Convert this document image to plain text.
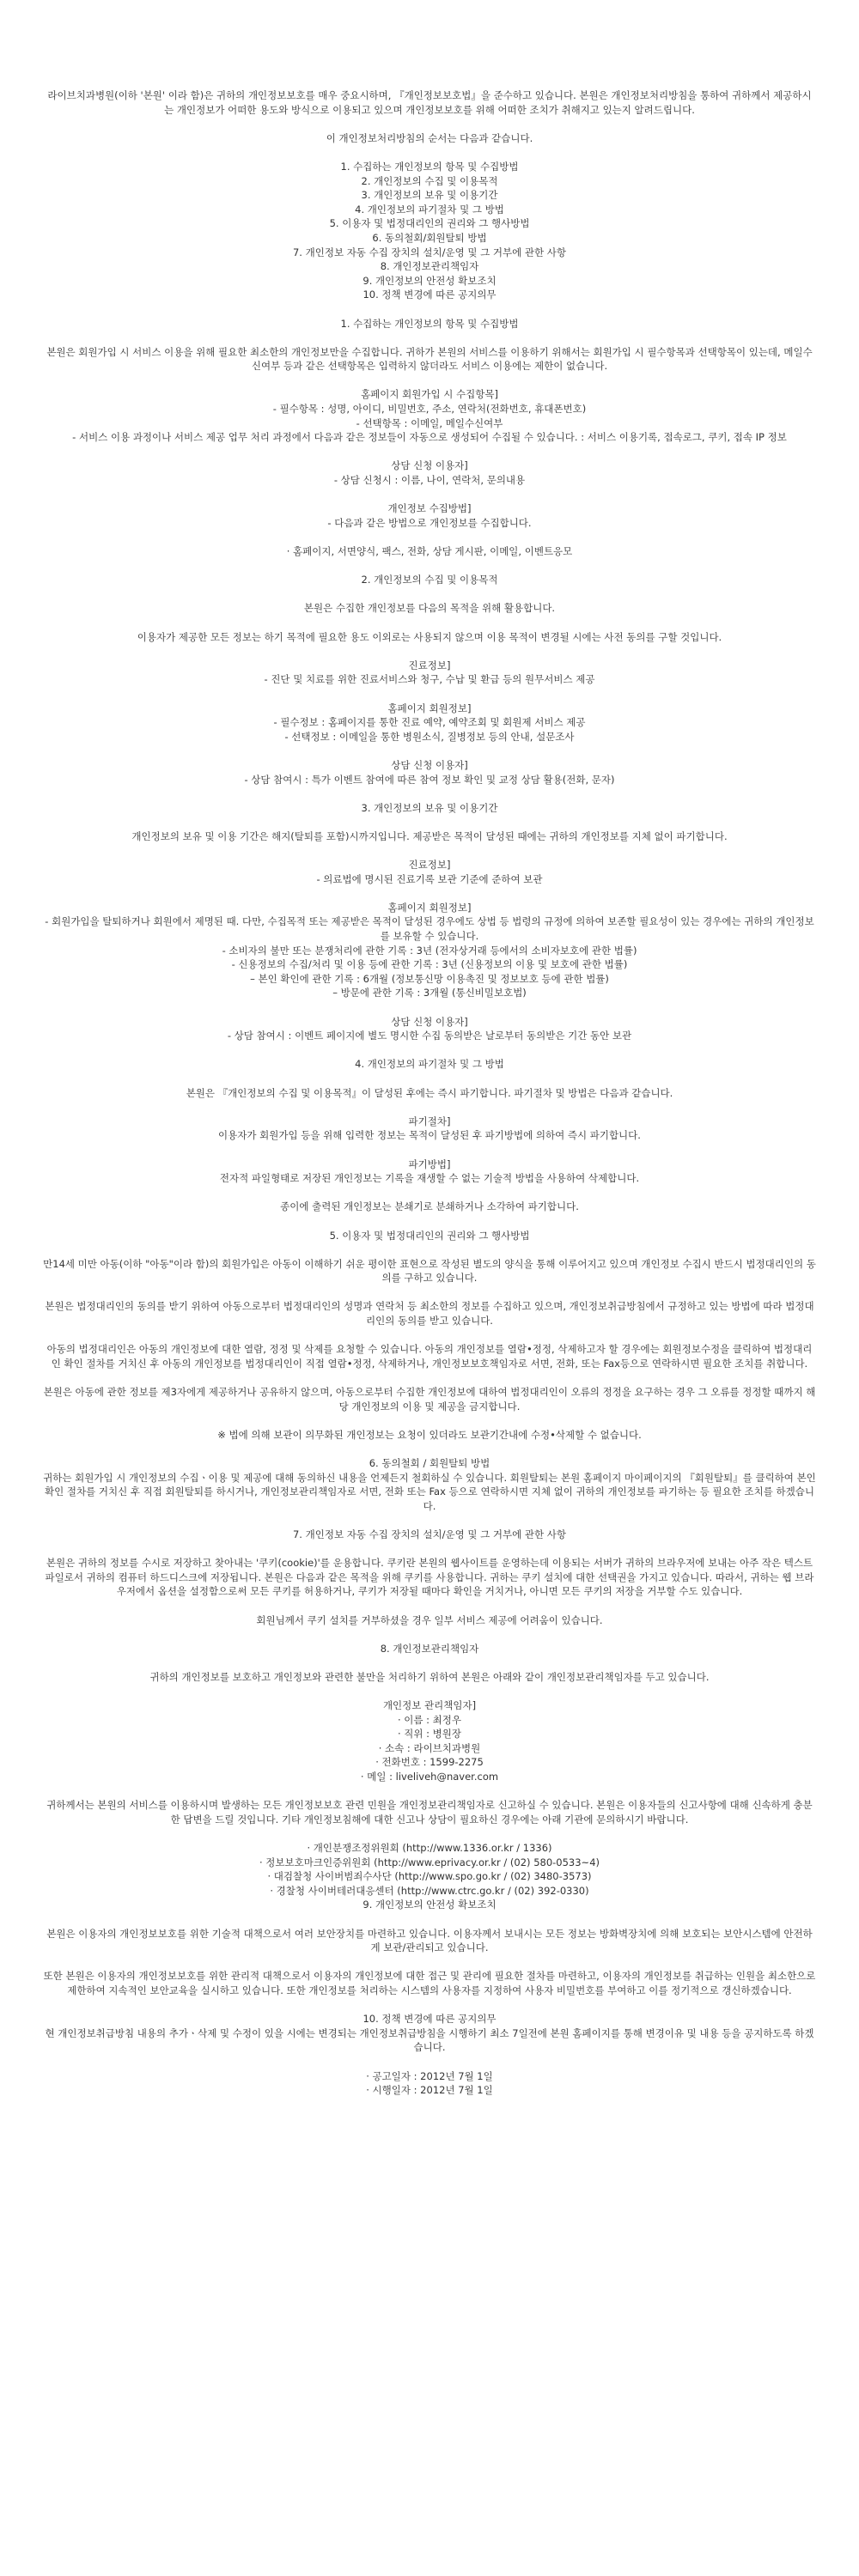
라이브치과병원(이하 '본원' 이라 함)은 귀하의 개인정보보호를 매우 중요시하며, 『개인정보보호법』을 준수하고 있습니다. 본원은 개인정보처리방침을 통하여 귀하께서 제공하시는 개인정보가 어떠한 용도와 방식으로 이용되고 있으며 개인정보보호를 위해 어떠한 조치가 취해지고 있는지 알려드립니다.

이 개인정보처리방침의 순서는 다음과 같습니다.

1. 수집하는 개인정보의 항목 및 수집방법
2. 개인정보의 수집 및 이용목적
3. 개인정보의 보유 및 이용기간
4. 개인정보의 파기절차 및 그 방법
5. 이용자 및 법정대리인의 권리와 그 행사방법
6. 동의철회/회원탈퇴 방법
7. 개인정보 자동 수집 장치의 설치/운영 및 그 거부에 관한 사항
8. 개인정보관리책임자
9. 개인정보의 안전성 확보조치
10. 정책 변경에 따른 공지의무

1. 수집하는 개인정보의 항목 및 수집방법

본원은 회원가입 시 서비스 이용을 위해 필요한 최소한의 개인정보만을 수집합니다. 귀하가 본원의 서비스를 이용하기 위해서는 회원가입 시 필수항목과 선택항목이 있는데, 메일수신여부 등과 같은 선택항목은 입력하지 않더라도 서비스 이용에는 제한이 없습니다.

홈페이지 회원가입 시 수집항목]
- 필수항목 : 성명, 아이디, 비밀번호, 주소, 연락처(전화번호, 휴대폰번호)
- 선택항목 : 이메일, 메일수신여부
- 서비스 이용 과정이나 서비스 제공 업무 처리 과정에서 다음과 같은 정보들이 자동으로 생성되어 수집될 수 있습니다. : 서비스 이용기록, 접속로그, 쿠키, 접속 IP 정보

상담 신청 이용자]
- 상담 신청시 : 이름, 나이, 연락처, 문의내용

개인정보 수집방법]
- 다음과 같은 방법으로 개인정보를 수집합니다.

· 홈페이지, 서면양식, 팩스, 전화, 상담 게시판, 이메일, 이벤트응모

2. 개인정보의 수집 및 이용목적

본원은 수집한 개인정보를 다음의 목적을 위해 활용합니다.

이용자가 제공한 모든 정보는 하기 목적에 필요한 용도 이외로는 사용되지 않으며 이용 목적이 변경될 시에는 사전 동의를 구할 것입니다.

진료정보]
- 진단 및 치료를 위한 진료서비스와 청구, 수납 및 환급 등의 원무서비스 제공

홈페이지 회원정보]
- 필수정보 : 홈페이지를 통한 진료 예약, 예약조회 및 회원제 서비스 제공
- 선택정보 : 이메일을 통한 병원소식, 질병정보 등의 안내, 설문조사

상담 신청 이용자]
- 상담 참여시 : 특가 이벤트 참여에 따른 참여 정보 확인 및 교정 상담 활용(전화, 문자)

3. 개인정보의 보유 및 이용기간

개인정보의 보유 및 이용 기간은 해지(탈퇴를 포함)시까지입니다. 제공받은 목적이 달성된 때에는 귀하의 개인정보를 지체 없이 파기합니다.

진료정보]
- 의료법에 명시된 진료기록 보관 기준에 준하여 보관

홈페이지 회원정보]
- 회원가입을 탈퇴하거나 회원에서 제명된 때. 다만, 수집목적 또는 제공받은 목적이 달성된 경우에도 상법 등 법령의 규정에 의하여 보존할 필요성이 있는 경우에는 귀하의 개인정보를 보유할 수 있습니다.
- 소비자의 불만 또는 분쟁처리에 관한 기록 : 3년 (전자상거래 등에서의 소비자보호에 관한 법률)
- 신용정보의 수집/처리 및 이용 등에 관한 기록 : 3년 (신용정보의 이용 및 보호에 관한 법률)
– 본인 확인에 관한 기록 : 6개월 (정보통신망 이용촉진 및 정보보호 등에 관한 법률)
– 방문에 관한 기록 : 3개월 (통신비밀보호법)

상담 신청 이용자]
- 상담 참여시 : 이벤트 페이지에 별도 명시한 수집 동의받은 날로부터 동의받은 기간 동안 보관

4. 개인정보의 파기절차 및 그 방법

본원은 『개인정보의 수집 및 이용목적』이 달성된 후에는 즉시 파기합니다. 파기절차 및 방법은 다음과 같습니다.

파기절차]
이용자가 회원가입 등을 위해 입력한 정보는 목적이 달성된 후 파기방법에 의하여 즉시 파기합니다.

파기방법]
전자적 파일형태로 저장된 개인정보는 기록을 재생할 수 없는 기술적 방법을 사용하여 삭제합니다.

종이에 출력된 개인정보는 분쇄기로 분쇄하거나 소각하여 파기합니다.

5. 이용자 및 법정대리인의 권리와 그 행사방법

만14세 미만 아동(이하 "아동"이라 함)의 회원가입은 아동이 이해하기 쉬운 평이한 표현으로 작성된 별도의 양식을 통해 이루어지고 있으며 개인정보 수집시 반드시 법정대리인의 동의를 구하고 있습니다.

본원은 법정대리인의 동의를 받기 위하여 아동으로부터 법정대리인의 성명과 연락처 등 최소한의 정보를 수집하고 있으며, 개인정보취급방침에서 규정하고 있는 방법에 따라 법정대리인의 동의를 받고 있습니다.

아동의 법정대리인은 아동의 개인정보에 대한 열람, 정정 및 삭제를 요청할 수 있습니다. 아동의 개인정보를 열람•정정, 삭제하고자 할 경우에는 회원정보수정을 클릭하여 법정대리인 확인 절차를 거치신 후 아동의 개인정보를 법정대리인이 직접 열람•정정, 삭제하거나, 개인정보보호책임자로 서면, 전화, 또는 Fax등으로 연락하시면 필요한 조치를 취합니다.

본원은 아동에 관한 정보를 제3자에게 제공하거나 공유하지 않으며, 아동으로부터 수집한 개인정보에 대하여 법정대리인이 오류의 정정을 요구하는 경우 그 오류를 정정할 때까지 해당 개인정보의 이용 및 제공을 금지합니다.

※ 법에 의해 보관이 의무화된 개인정보는 요청이 있더라도 보관기간내에 수정•삭제할 수 없습니다.

6. 동의철회 / 회원탈퇴 방법
귀하는 회원가입 시 개인정보의 수집ㆍ이용 및 제공에 대해 동의하신 내용을 언제든지 철회하실 수 있습니다. 회원탈퇴는 본원 홈페이지 마이페이지의 『회원탈퇴』를 클릭하여 본인 확인 절차를 거치신 후 직접 회원탈퇴를 하시거나, 개인정보관리책임자로 서면, 전화 또는 Fax 등으로 연락하시면 지체 없이 귀하의 개인정보를 파기하는 등 필요한 조치를 하겠습니다.

7. 개인정보 자동 수집 장치의 설치/운영 및 그 거부에 관한 사항

본원은 귀하의 정보를 수시로 저장하고 찾아내는 '쿠키(cookie)'를 운용합니다. 쿠키란 본원의 웹사이트를 운영하는데 이용되는 서버가 귀하의 브라우저에 보내는 아주 작은 텍스트 파일로서 귀하의 컴퓨터 하드디스크에 저장됩니다. 본원은 다음과 같은 목적을 위해 쿠키를 사용합니다. 귀하는 쿠키 설치에 대한 선택권을 가지고 있습니다. 따라서, 귀하는 웹 브라우저에서 옵션을 설정함으로써 모든 쿠키를 허용하거나, 쿠키가 저장될 때마다 확인을 거치거나, 아니면 모든 쿠키의 저장을 거부할 수도 있습니다.

회원님께서 쿠키 설치를 거부하셨을 경우 일부 서비스 제공에 어려움이 있습니다.

8. 개인정보관리책임자

귀하의 개인정보를 보호하고 개인정보와 관련한 불만을 처리하기 위하여 본원은 아래와 같이 개인정보관리책임자를 두고 있습니다.

개인정보 관리책임자]
· 이름 : 최정우
· 직위 : 병원장
· 소속 : 라이브치과병원
· 전화번호 : 1599-2275
· 메일 : liveliveh@naver.com

귀하께서는 본원의 서비스를 이용하시며 발생하는 모든 개인정보보호 관련 민원을 개인정보관리책임자로 신고하실 수 있습니다. 본원은 이용자들의 신고사항에 대해 신속하게 충분한 답변을 드릴 것입니다. 기타 개인정보침해에 대한 신고나 상담이 필요하신 경우에는 아래 기관에 문의하시기 바랍니다.

· 개인분쟁조정위원회 (http://www.1336.or.kr / 1336)
· 정보보호마크인증위원회 (http://www.eprivacy.or.kr / (02) 580-0533~4)
· 대검찰청 사이버범죄수사단 (http://www.spo.go.kr / (02) 3480-3573)
· 경찰청 사이버테러대응센터 (http://www.ctrc.go.kr / (02) 392-0330)
9. 개인정보의 안전성 확보조치

본원은 이용자의 개인정보보호를 위한 기술적 대책으로서 여러 보안장치를 마련하고 있습니다. 이용자께서 보내시는 모든 정보는 방화벽장치에 의해 보호되는 보안시스템에 안전하게 보관/관리되고 있습니다.

또한 본원은 이용자의 개인정보보호를 위한 관리적 대책으로서 이용자의 개인정보에 대한 접근 및 관리에 필요한 절차를 마련하고, 이용자의 개인정보를 취급하는 인원을 최소한으로 제한하여 지속적인 보안교육을 실시하고 있습니다. 또한 개인정보를 처리하는 시스템의 사용자를 지정하여 사용자 비밀번호를 부여하고 이를 정기적으로 갱신하겠습니다.

10. 정책 변경에 따른 공지의무
현 개인정보취급방침 내용의 추가ㆍ삭제 및 수정이 있을 시에는 변경되는 개인정보취급방침을 시행하기 최소 7일전에 본원 홈페이지를 통해 변경이유 및 내용 등을 공지하도록 하겠습니다.

· 공고일자 : 2012년 7월 1일
· 시행일자 : 2012년 7월 1일
